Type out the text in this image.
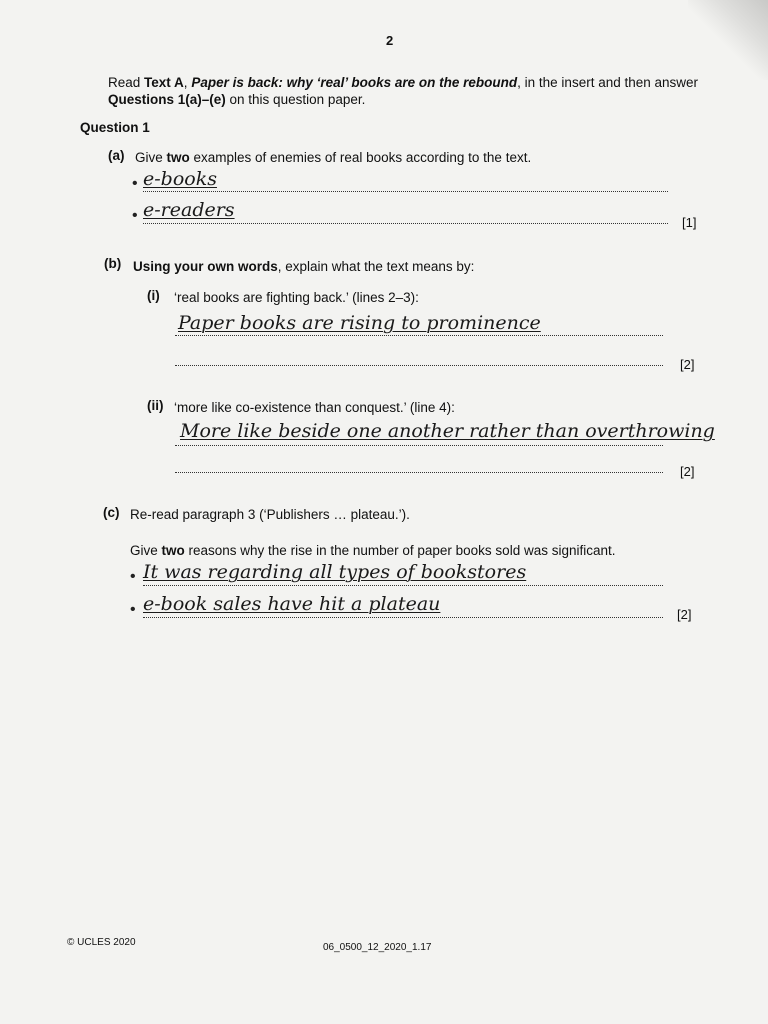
2
Read Text A, Paper is back: why ‘real’ books are on the rebound, in the insert and then answer
Questions 1(a)–(e) on this question paper.
Question 1
(a) Give two examples of enemies of real books according to the text.
• e-books
• e-readers
[1]
(b) Using your own words, explain what the text means by:
(i) ‘real books are fighting back.’ (lines 2–3):
Paper books are rising to prominence
[2]
(ii) ‘more like co-existence than conquest.’ (line 4):
More like beside one another rather than overthrowing
[2]
(c) Re-read paragraph 3 (‘Publishers … plateau.’).
Give two reasons why the rise in the number of paper books sold was significant.
• It was regarding all types of bookstores
• e-book sales have hit a plateau	[2]
© UCLES 2020	06_0500_12_2020_1.17
